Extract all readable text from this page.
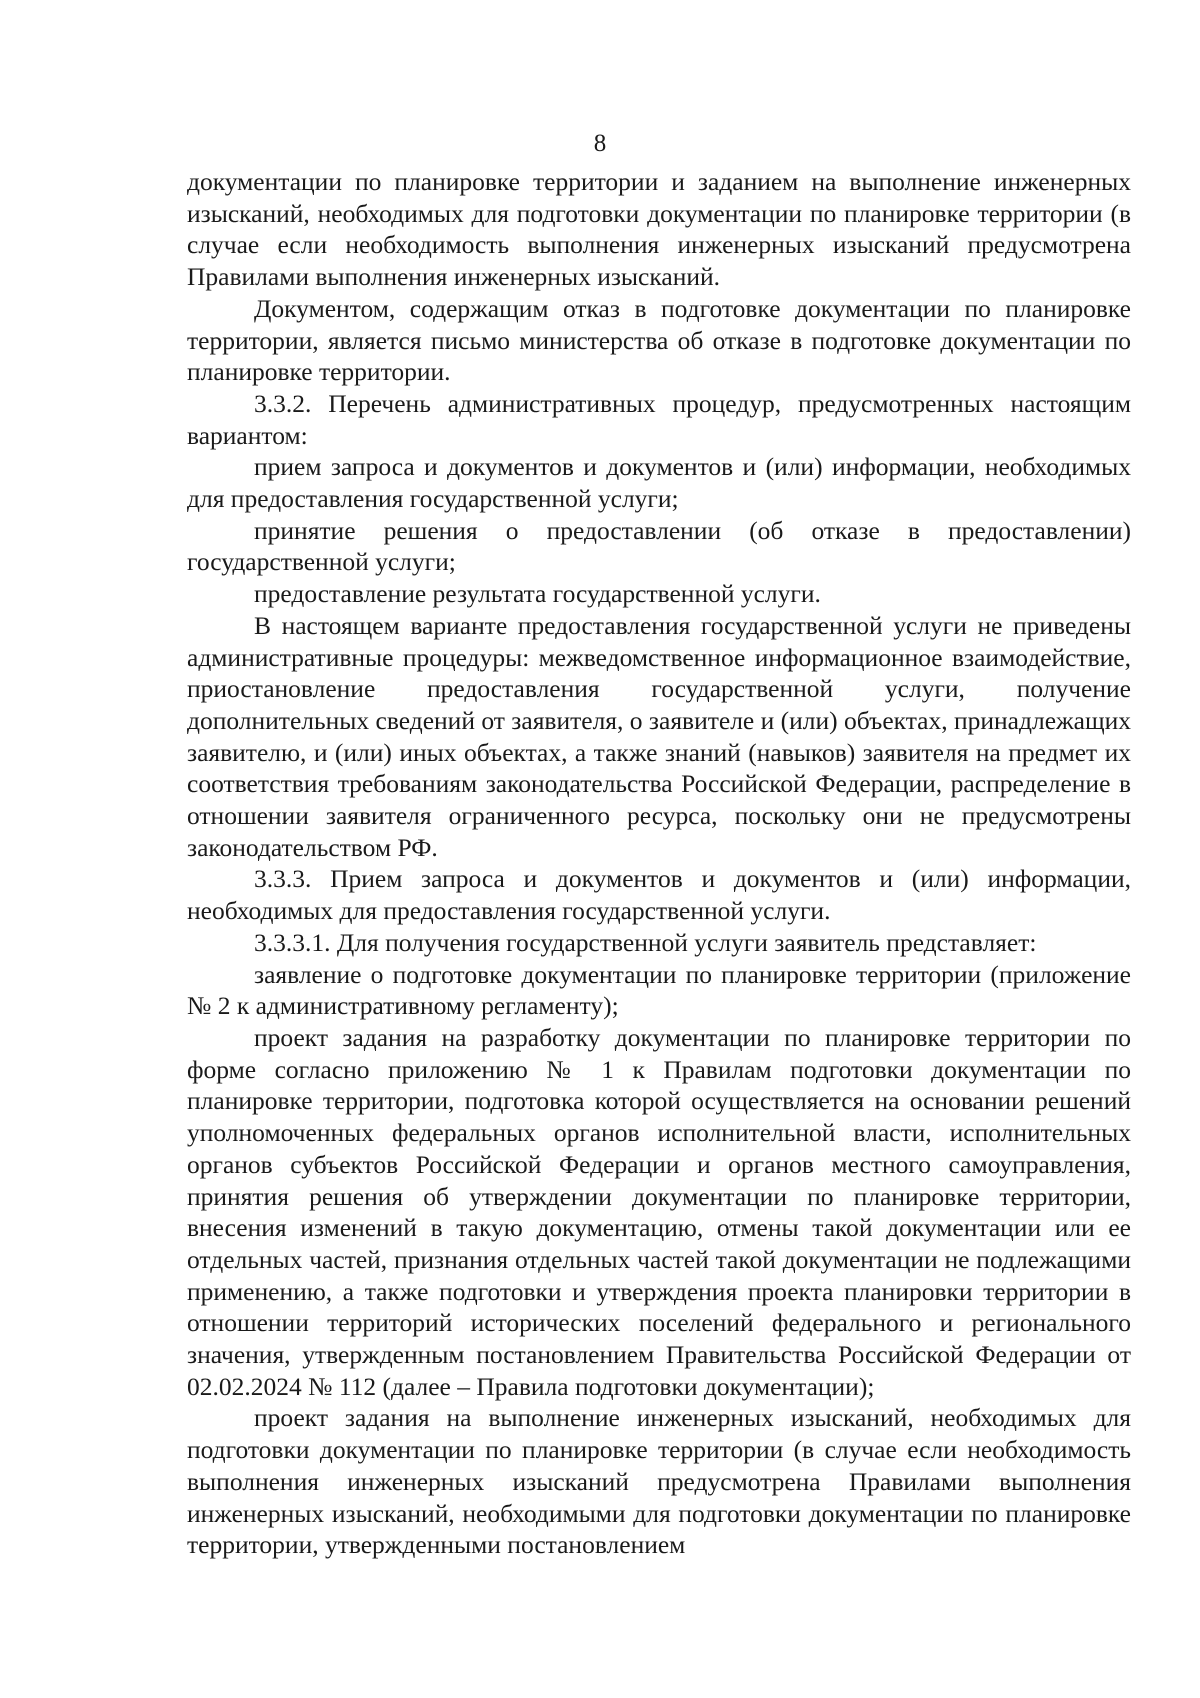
8

документации по планировке территории и заданием на выполнение инженерных изысканий, необходимых для подготовки документации по планировке территории (в случае если необходимость выполнения инженерных изысканий предусмотрена Правилами выполнения инженерных изысканий.

Документом, содержащим отказ в подготовке документации по планировке территории, является письмо министерства об отказе в подготовке документации по планировке территории.

3.3.2. Перечень административных процедур, предусмотренных настоящим вариантом:

прием запроса и документов и документов и (или) информации, необходимых для предоставления государственной услуги;

принятие решения о предоставлении (об отказе в предоставлении) государственной услуги;

предоставление результата государственной услуги.

В настоящем варианте предоставления государственной услуги не приведены административные процедуры: межведомственное информационное взаимодействие, приостановление предоставления государственной услуги, получение дополнительных сведений от заявителя, о заявителе и (или) объектах, принадлежащих заявителю, и (или) иных объектах, а также знаний (навыков) заявителя на предмет их соответствия требованиям законодательства Российской Федерации, распределение в отношении заявителя ограниченного ресурса, поскольку они не предусмотрены законодательством РФ.

3.3.3. Прием запроса и документов и документов и (или) информации, необходимых для предоставления государственной услуги.

3.3.3.1. Для получения государственной услуги заявитель представляет:

заявление о подготовке документации по планировке территории (приложение № 2 к административному регламенту);

проект задания на разработку документации по планировке территории по форме согласно приложению № 1 к Правилам подготовки документации по планировке территории, подготовка которой осуществляется на основании решений уполномоченных федеральных органов исполнительной власти, исполнительных органов субъектов Российской Федерации и органов местного самоуправления, принятия решения об утверждении документации по планировке территории, внесения изменений в такую документацию, отмены такой документации или ее отдельных частей, признания отдельных частей такой документации не подлежащими применению, а также подготовки и утверждения проекта планировки территории в отношении территорий исторических поселений федерального и регионального значения, утвержденным постановлением Правительства Российской Федерации от 02.02.2024 № 112 (далее – Правила подготовки документации);

проект задания на выполнение инженерных изысканий, необходимых для подготовки документации по планировке территории (в случае если необходимость выполнения инженерных изысканий предусмотрена Правилами выполнения инженерных изысканий, необходимыми для подготовки документации по планировке территории, утвержденными постановлением
